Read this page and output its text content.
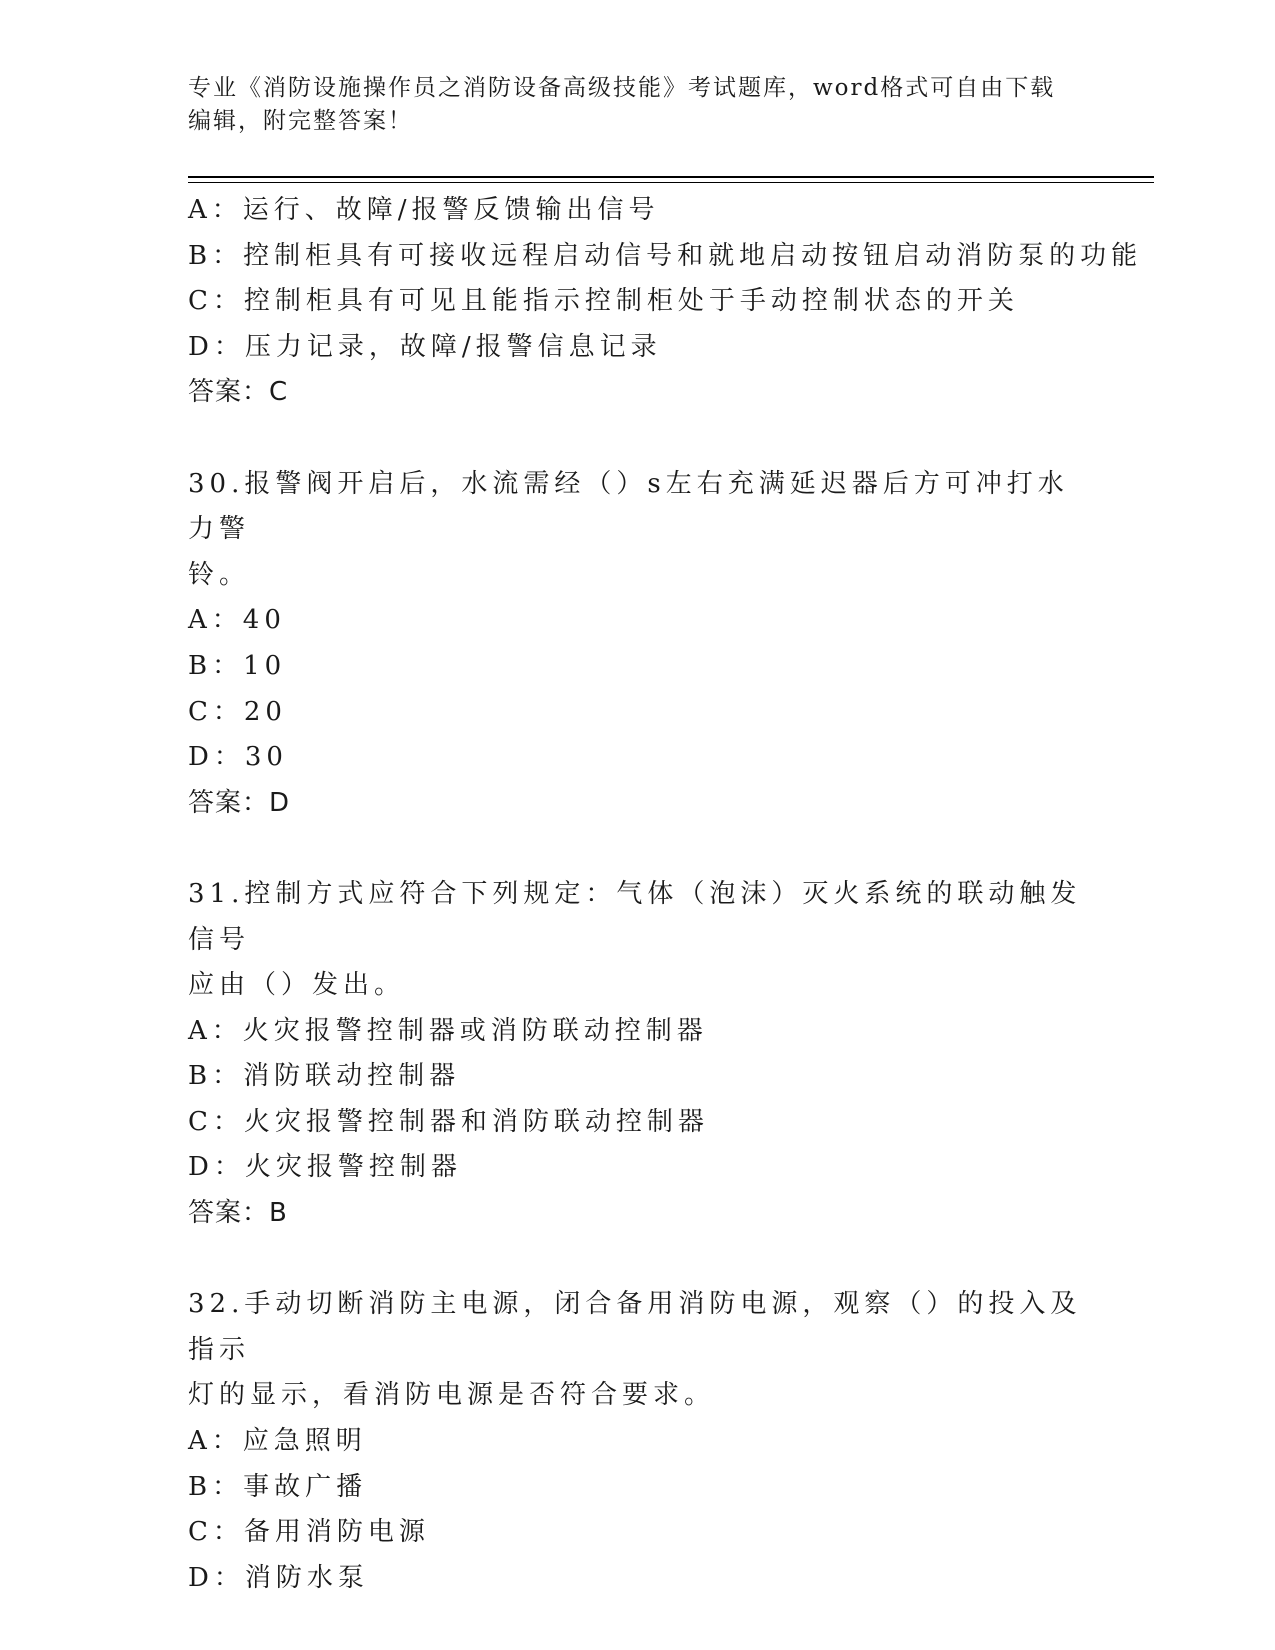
专业《消防设施操作员之消防设备高级技能》考试题库，word格式可自由下载编辑，附完整答案！
A：运行、故障/报警反馈输出信号
B：控制柜具有可接收远程启动信号和就地启动按钮启动消防泵的功能
C：控制柜具有可见且能指示控制柜处于手动控制状态的开关
D：压力记录，故障/报警信息记录
答案：C
30.报警阀开启后，水流需经（）s左右充满延迟器后方可冲打水力警
铃。
A：40
B：10
C：20
D：30
答案：D
31.控制方式应符合下列规定：气体（泡沫）灭火系统的联动触发信号
应由（）发出。
A：火灾报警控制器或消防联动控制器
B：消防联动控制器
C：火灾报警控制器和消防联动控制器
D：火灾报警控制器
答案：B
32.手动切断消防主电源，闭合备用消防电源，观察（）的投入及指示
灯的显示，看消防电源是否符合要求。
A：应急照明
B：事故广播
C：备用消防电源
D：消防水泵
